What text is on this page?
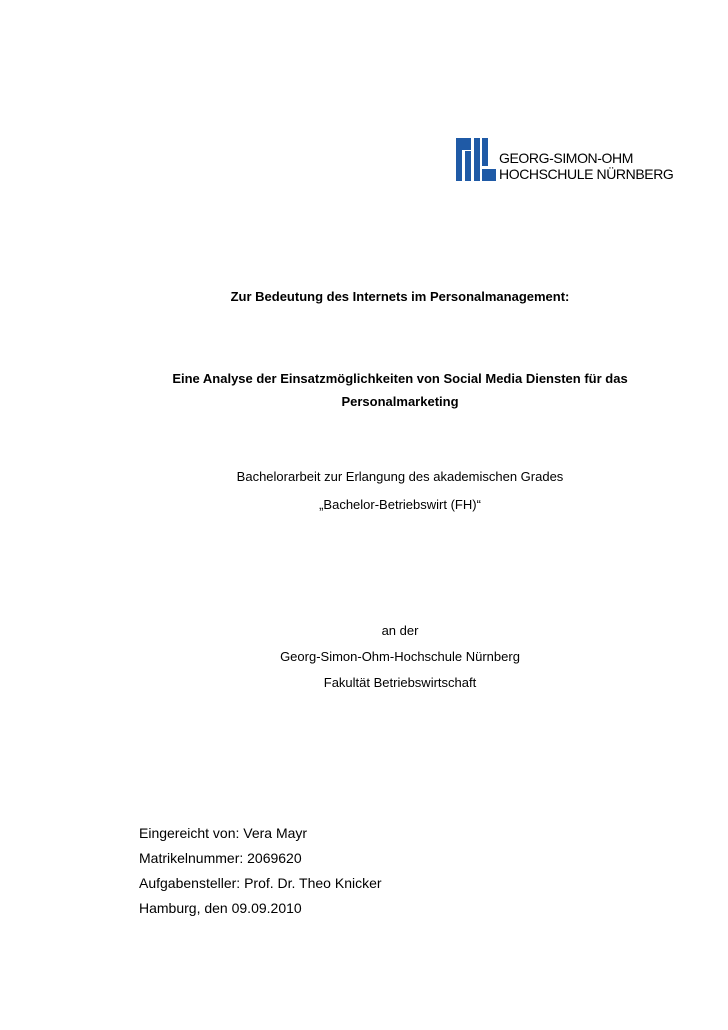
GEORG-SIMON-OHM
HOCHSCHULE NÜRNBERG
Zur Bedeutung des Internets im Personalmanagement:
Eine Analyse der Einsatzmöglichkeiten von Social Media Diensten für das
Personalmarketing
Bachelorarbeit zur Erlangung des akademischen Grades
„Bachelor-Betriebswirt (FH)“
an der
Georg-Simon-Ohm-Hochschule Nürnberg
Fakultät Betriebswirtschaft
Eingereicht von: Vera Mayr
Matrikelnummer: 2069620
Aufgabensteller: Prof. Dr. Theo Knicker
Hamburg, den 09.09.2010
